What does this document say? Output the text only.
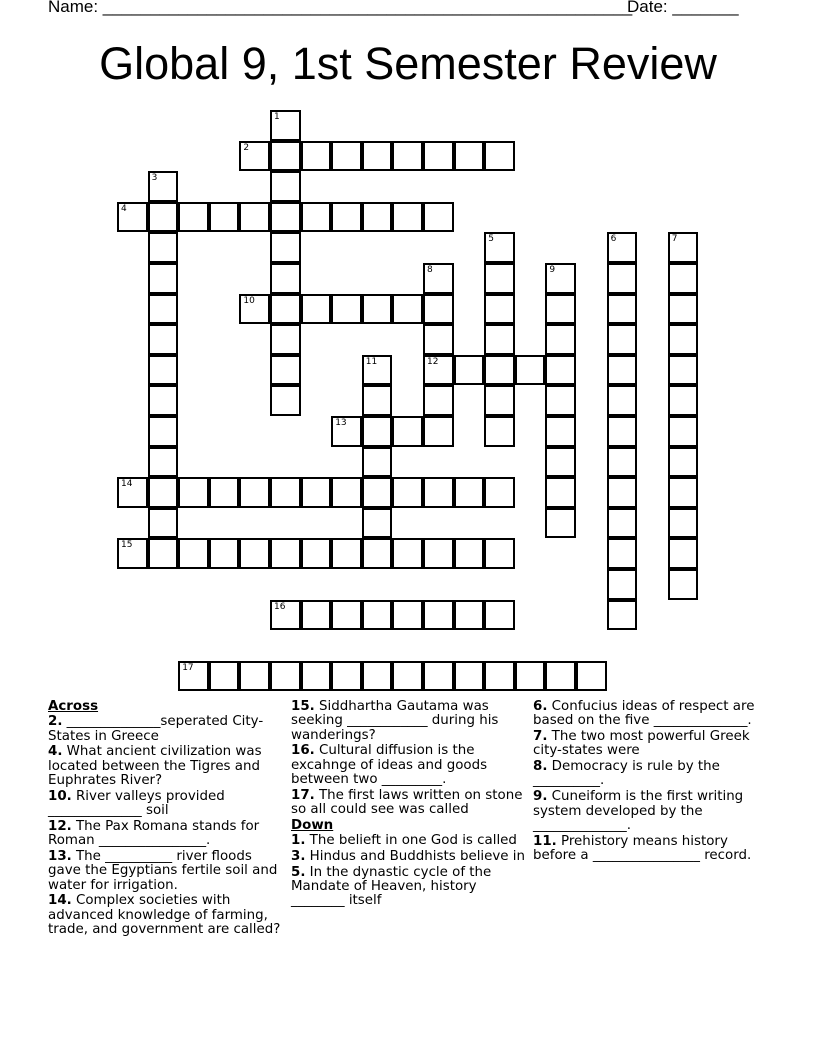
Name: ________________________________________________________
Date: _______
Global 9, 1st Semester Review
1
2
3
4
5	6	7
8
12
9
10
11
13
14
15
16
17
Across
2. ______________seperated City-States in Greece
4. What ancient civilization was located between the Tigres and Euphrates River?
10. River valleys provided ______________ soil
12. The Pax Romana stands for Roman ________________.
13. The __________ river floods gave the Egyptians fertile soil and water for irrigation.
14. Complex societies with advanced knowledge of farming, trade, and government are called?
15. Siddhartha Gautama was seeking ____________ during his wanderings?
16. Cultural diffusion is the excahnge of ideas and goods between two _________.
17. The first laws written on stone so all could see was called
Down
1. The belieft in one God is called
3. Hindus and Buddhists believe in
5. In the dynastic cycle of the Mandate of Heaven, history ________ itself
6. Confucius ideas of respect are based on the five ______________.
7. The two most powerful Greek city-states were
8. Democracy is rule by the __________.
9. Cuneiform is the first writing system developed by the ______________.
11. Prehistory means history before a ________________ record.
